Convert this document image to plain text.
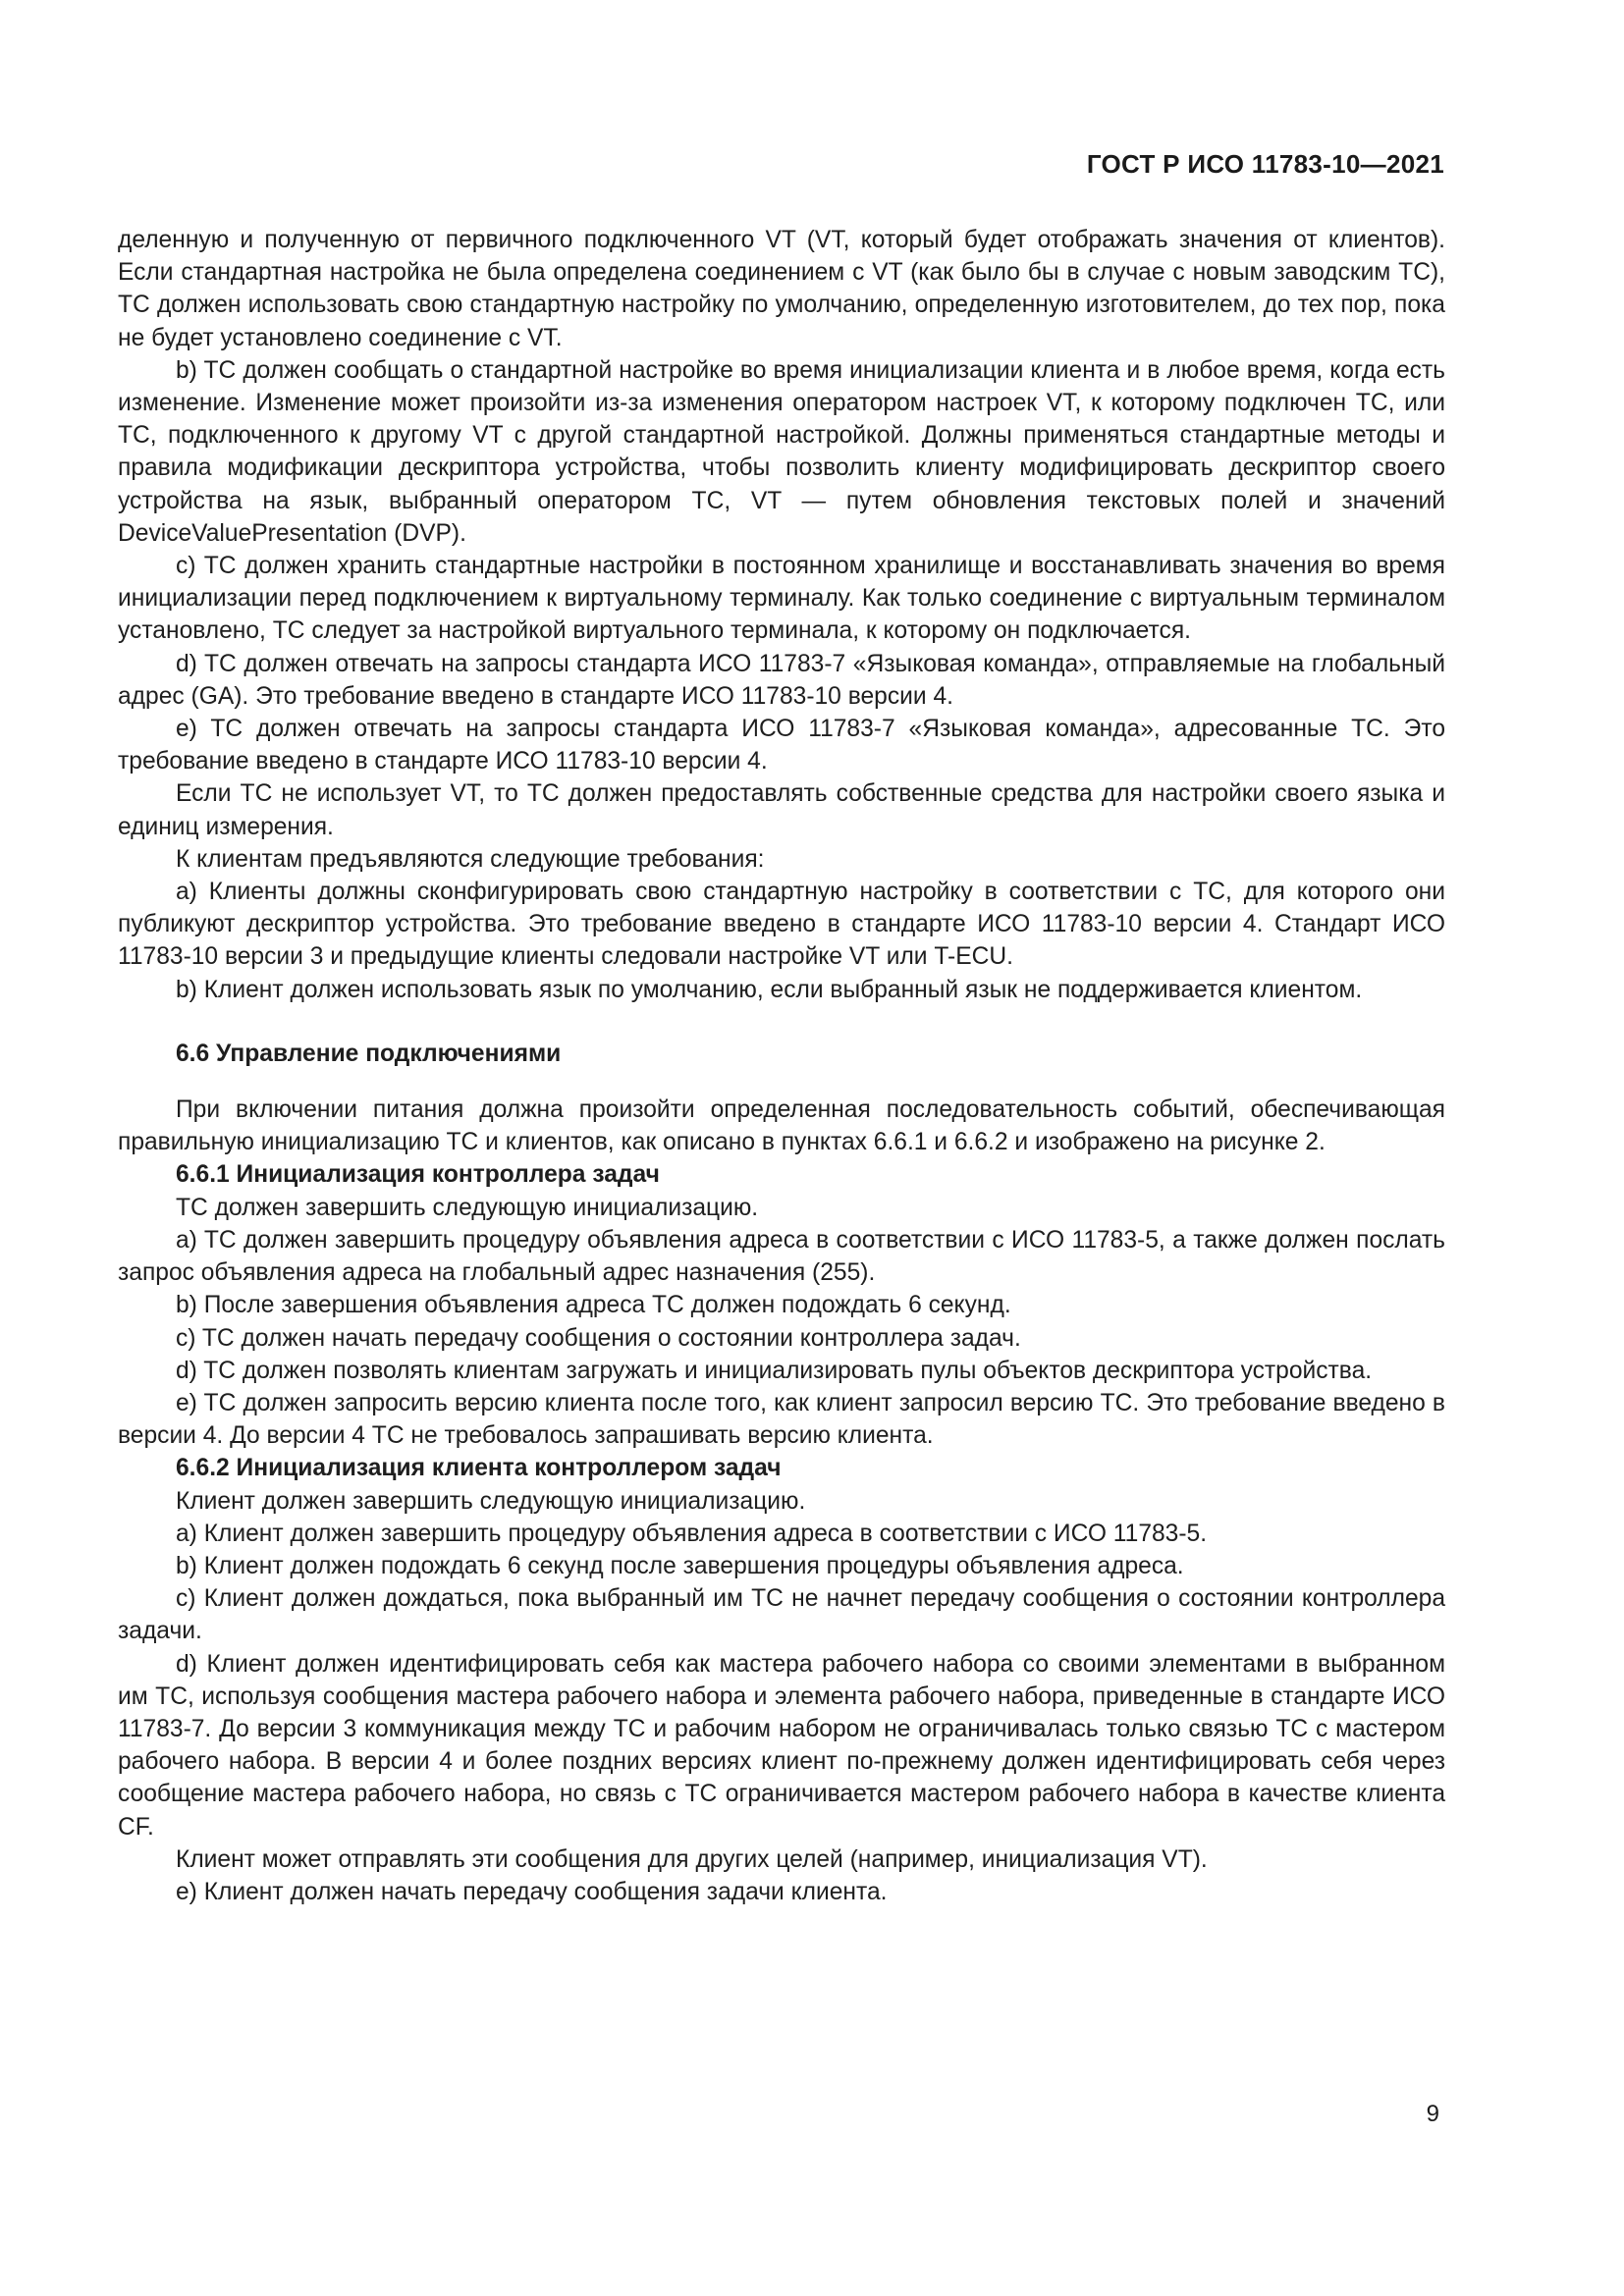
ГОСТ Р ИСО 11783-10—2021

деленную и полученную от первичного подключенного VT (VT, который будет отображать значения от клиентов). Если стандартная настройка не была определена соединением с VT (как было бы в случае с новым заводским TC), TC должен использовать свою стандартную настройку по умолчанию, определенную изготовителем, до тех пор, пока не будет установлено соединение с VT.

b) TC должен сообщать о стандартной настройке во время инициализации клиента и в любое время, когда есть изменение. Изменение может произойти из-за изменения оператором настроек VT, к которому подключен TC, или TC, подключенного к другому VT с другой стандартной настройкой. Должны применяться стандартные методы и правила модификации дескриптора устройства, чтобы позволить клиенту модифицировать дескриптор своего устройства на язык, выбранный оператором TC, VT — путем обновления текстовых полей и значений DeviceValuePresentation (DVP).

c) TC должен хранить стандартные настройки в постоянном хранилище и восстанавливать значения во время инициализации перед подключением к виртуальному терминалу. Как только соединение с виртуальным терминалом установлено, TC следует за настройкой виртуального терминала, к которому он подключается.

d) TC должен отвечать на запросы стандарта ИСО 11783-7 «Языковая команда», отправляемые на глобальный адрес (GA). Это требование введено в стандарте ИСО 11783-10 версии 4.

e) TC должен отвечать на запросы стандарта ИСО 11783-7 «Языковая команда», адресованные TC. Это требование введено в стандарте ИСО 11783-10 версии 4.

Если TC не использует VT, то TC должен предоставлять собственные средства для настройки своего языка и единиц измерения.

К клиентам предъявляются следующие требования:

a) Клиенты должны сконфигурировать свою стандартную настройку в соответствии с TC, для которого они публикуют дескриптор устройства. Это требование введено в стандарте ИСО 11783-10 версии 4. Стандарт ИСО 11783-10 версии 3 и предыдущие клиенты следовали настройке VT или T-ECU.

b) Клиент должен использовать язык по умолчанию, если выбранный язык не поддерживается клиентом.

6.6 Управление подключениями

При включении питания должна произойти определенная последовательность событий, обеспечивающая правильную инициализацию TC и клиентов, как описано в пунктах 6.6.1 и 6.6.2 и изображено на рисунке 2.

6.6.1 Инициализация контроллера задач

TC должен завершить следующую инициализацию.

a) TC должен завершить процедуру объявления адреса в соответствии с ИСО 11783-5, а также должен послать запрос объявления адреса на глобальный адрес назначения (255).

b) После завершения объявления адреса TC должен подождать 6 секунд.

c) TC должен начать передачу сообщения о состоянии контроллера задач.

d) TC должен позволять клиентам загружать и инициализировать пулы объектов дескриптора устройства.

e) TC должен запросить версию клиента после того, как клиент запросил версию TC. Это требование введено в версии 4. До версии 4 TC не требовалось запрашивать версию клиента.

6.6.2 Инициализация клиента контроллером задач

Клиент должен завершить следующую инициализацию.

a) Клиент должен завершить процедуру объявления адреса в соответствии с ИСО 11783-5.

b) Клиент должен подождать 6 секунд после завершения процедуры объявления адреса.

c) Клиент должен дождаться, пока выбранный им TC не начнет передачу сообщения о состоянии контроллера задачи.

d) Клиент должен идентифицировать себя как мастера рабочего набора со своими элементами в выбранном им TC, используя сообщения мастера рабочего набора и элемента рабочего набора, приведенные в стандарте ИСО 11783-7. До версии 3 коммуникация между TC и рабочим набором не ограничивалась только связью TC с мастером рабочего набора. В версии 4 и более поздних версиях клиент по-прежнему должен идентифицировать себя через сообщение мастера рабочего набора, но связь с TC ограничивается мастером рабочего набора в качестве клиента CF.

Клиент может отправлять эти сообщения для других целей (например, инициализация VT).

e) Клиент должен начать передачу сообщения задачи клиента.

9
